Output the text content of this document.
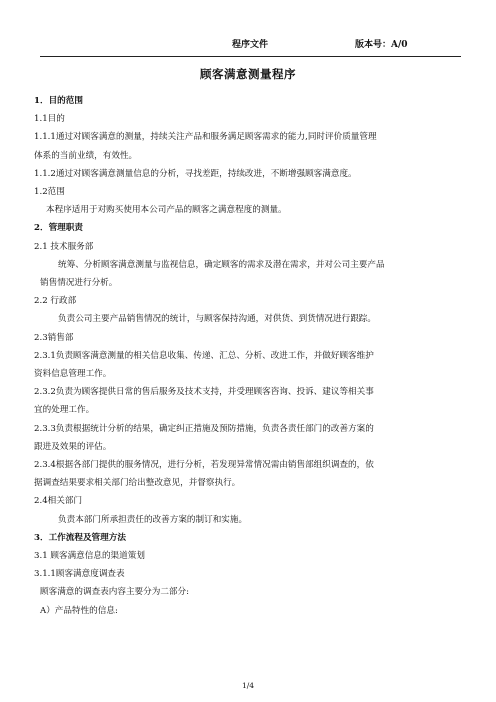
程序文件	版本号：A/0
顾客满意测量程序

1．目的范围

1.1目的

1.1.1通过对顾客满意的测量，持续关注产品和服务满足顾客需求的能力,同时评价质量管理

体系的当前业绩，有效性。

1.1.2通过对顾客满意测量信息的分析，寻找差距，持续改进，不断增强顾客满意度。

1.2范围

本程序适用于对购买使用本公司产品的顾客之满意程度的测量。

2．管理职责

2.1 技术服务部

统筹、分析顾客满意测量与监视信息，确定顾客的需求及潜在需求，并对公司主要产品

销售情况进行分析。

2.2 行政部

负责公司主要产品销售情况的统计，与顾客保持沟通，对供货、到货情况进行跟踪。

2.3销售部

2.3.1负责顾客满意测量的相关信息收集、传递、汇总、分析、改进工作，并做好顾客维护

资料信息管理工作。

2.3.2负责为顾客提供日常的售后服务及技术支持，并受理顾客咨询、投诉、建议等相关事

宜的处理工作。

2.3.3负责根据统计分析的结果，确定纠正措施及预防措施，负责各责任部门的改善方案的

跟进及效果的评估。

2.3.4根据各部门提供的服务情况，进行分析，若发现异常情况需由销售部组织调查的，依

据调查结果要求相关部门给出整改意见，并督察执行。

2.4相关部门

负责本部门所承担责任的改善方案的制订和实施。

3．工作流程及管理方法

3.1 顾客满意信息的渠道策划

3.1.1顾客满意度调查表

顾客满意的调查表内容主要分为二部分:

A）产品特性的信息:

1/4
